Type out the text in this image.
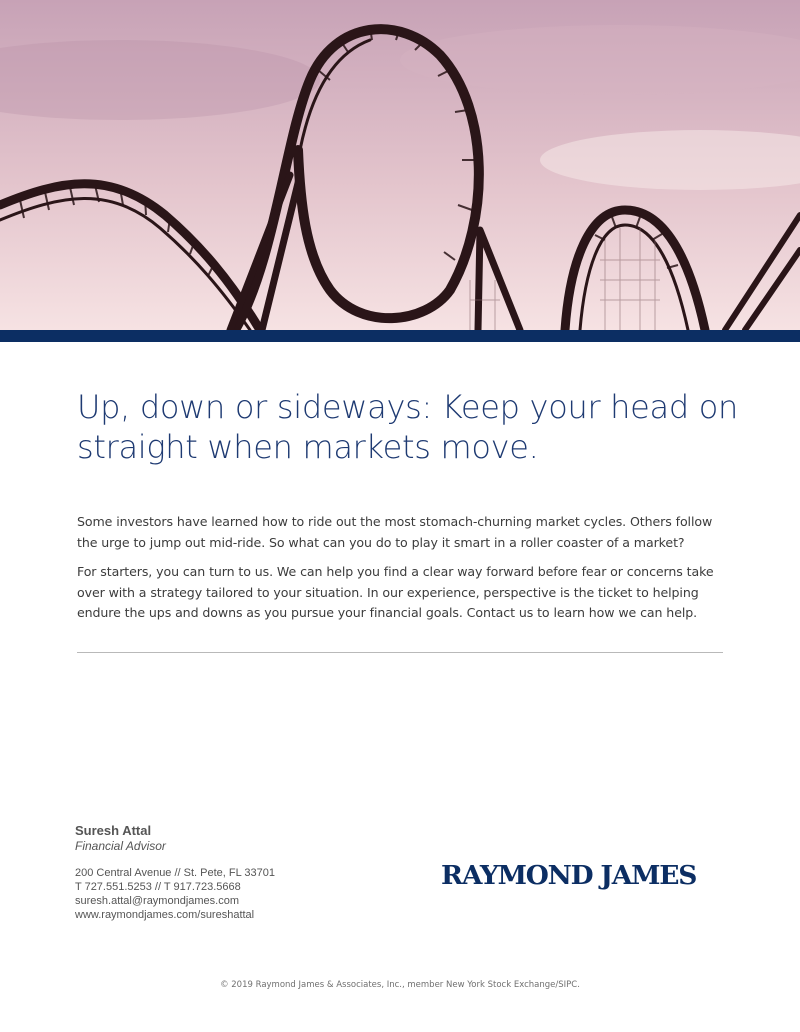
Up, down or sideways: Keep your head on straight when markets move.

Some investors have learned how to ride out the most stomach-churning market cycles. Others follow the urge to jump out mid-ride. So what can you do to play it smart in a roller coaster of a market?

For starters, you can turn to us. We can help you find a clear way forward before fear or concerns take over with a strategy tailored to your situation. In our experience, perspective is the ticket to helping endure the ups and downs as you pursue your financial goals. Contact us to learn how we can help.

Suresh Attal
Financial Advisor
200 Central Avenue // St. Pete, FL 33701
T 727.551.5253 // T 917.723.5668
suresh.attal@raymondjames.com
www.raymondjames.com/sureshattal
RAYMOND JAMES
© 2019 Raymond James & Associates, Inc., member New York Stock Exchange/SIPC.
